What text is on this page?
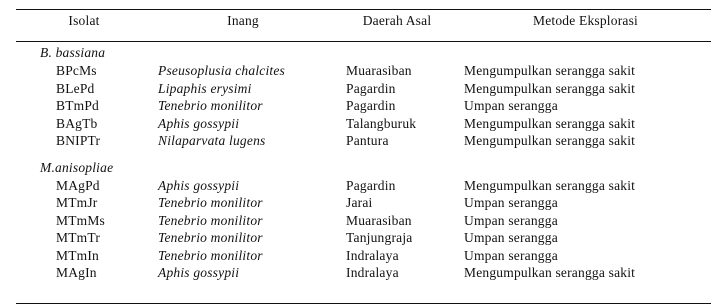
Isolat	Inang	Daerah Asal	Metode Eksplorasi

B. bassiana			
BPcMs	Pseusoplusia chalcites	Muarasiban	Mengumpulkan serangga sakit
BLePd	Lipaphis erysimi	Pagardin	Mengumpulkan serangga sakit
BTmPd	Tenebrio monilitor	Pagardin	Umpan serangga
BAgTb	Aphis gossypii	Talangburuk	Mengumpulkan serangga sakit
BNIPTr	Nilaparvata lugens	Pantura	Mengumpulkan serangga sakit

M.anisopliae			
MAgPd	Aphis gossypii	Pagardin	Mengumpulkan serangga sakit
MTmJr	Tenebrio monilitor	Jarai	Umpan serangga
MTmMs	Tenebrio monilitor	Muarasiban	Umpan serangga
MTmTr	Tenebrio monilitor	Tanjungraja	Umpan serangga
MTmIn	Tenebrio monilitor	Indralaya	Umpan serangga
MAgIn	Aphis gossypii	Indralaya	Mengumpulkan serangga sakit
